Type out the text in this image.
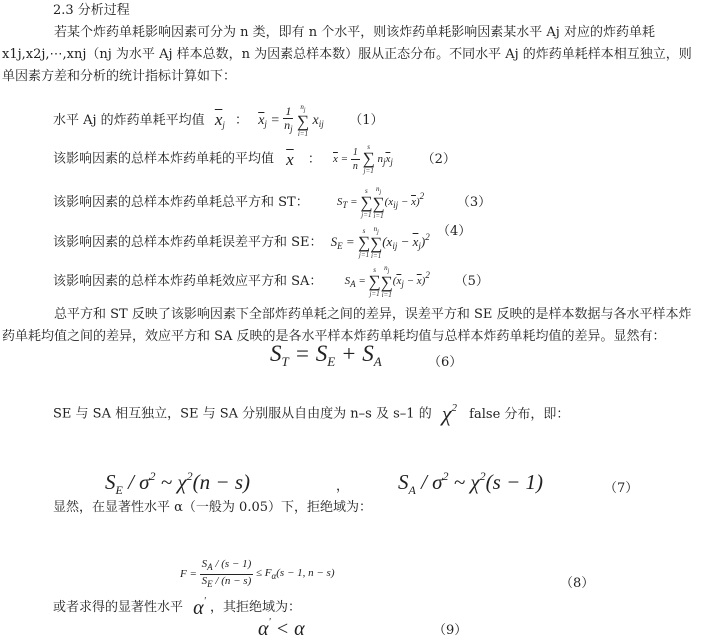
2.3 分析过程
若某个炸药单耗影响因素可分为 n 类，即有 n 个水平，则该炸药单耗影响因素某水平 Aj 对应的炸药单耗 x1j,x2j,⋯,xnj（nj 为水平 Aj 样本总数，n 为因素总样本数）服从正态分布。不同水平 Aj 的炸药单耗样本相互独立，则单因素方差和分析的统计指标计算如下：
水平 Aj 的炸药单耗平均值 $\overline{x}_j$ ： $\overline{x}_j = \frac{1}{n_j}$
	$n_j$
∑
i=1
$x_{ij}$ （1）
该影响因素的总样本炸药单耗的平均值 $\overline{x}$ ： $\overline{x} = \frac{1}{n}$
	s
∑
j=1
$n_j\overline{x}_j$ （2）
该影响因素的总样本炸药单耗总平方和 ST：	$S_T$ =
s
∑
j=1
$n_j$
∑
i=1
$(x_{ij} - \overline{x})^2$	（3）
该影响因素的总样本炸药单耗误差平方和 SE： $S_E$ =
s
∑
j=1
$n_j$
∑
i=1
$(x_{ij} - \overline{x}_j)^2$ （4）
该影响因素的总样本炸药单耗效应平方和 SA： $S_A$ =
s
∑
j=1
$n_j$
∑
i=1
$(\overline{x}_j - \overline{x})^2$ （5）
总平方和 ST 反映了该影响因素下全部炸药单耗之间的差异，误差平方和 SE 反映的是样本数据与各水平样本炸药单耗均值之间的差异，效应平方和 SA 反映的是各水平样本炸药单耗均值与总样本炸药单耗均值的差异。显然有：
$S_T = S_E + S_A$	（6）
SE 与 SA 相互独立，SE 与 SA 分别服从自由度为 n–s 及 s–1 的 $\chi^2$ false 分布，即：
$S_E / \sigma^2$ ~ $\chi^2(n - s)$	， $S_A / \sigma^2$ ~ $\chi^2(s - 1)$	（7）
显然，在显著性水平 α（一般为 0.05）下，拒绝域为：
$F = \frac{S_A / (s - 1)}{S_E / (n - s)} \le F_\alpha(s - 1$, n − s)
（8）
或者求得的显著性水平 α' ，其拒绝域为：
α' < α	（9）
